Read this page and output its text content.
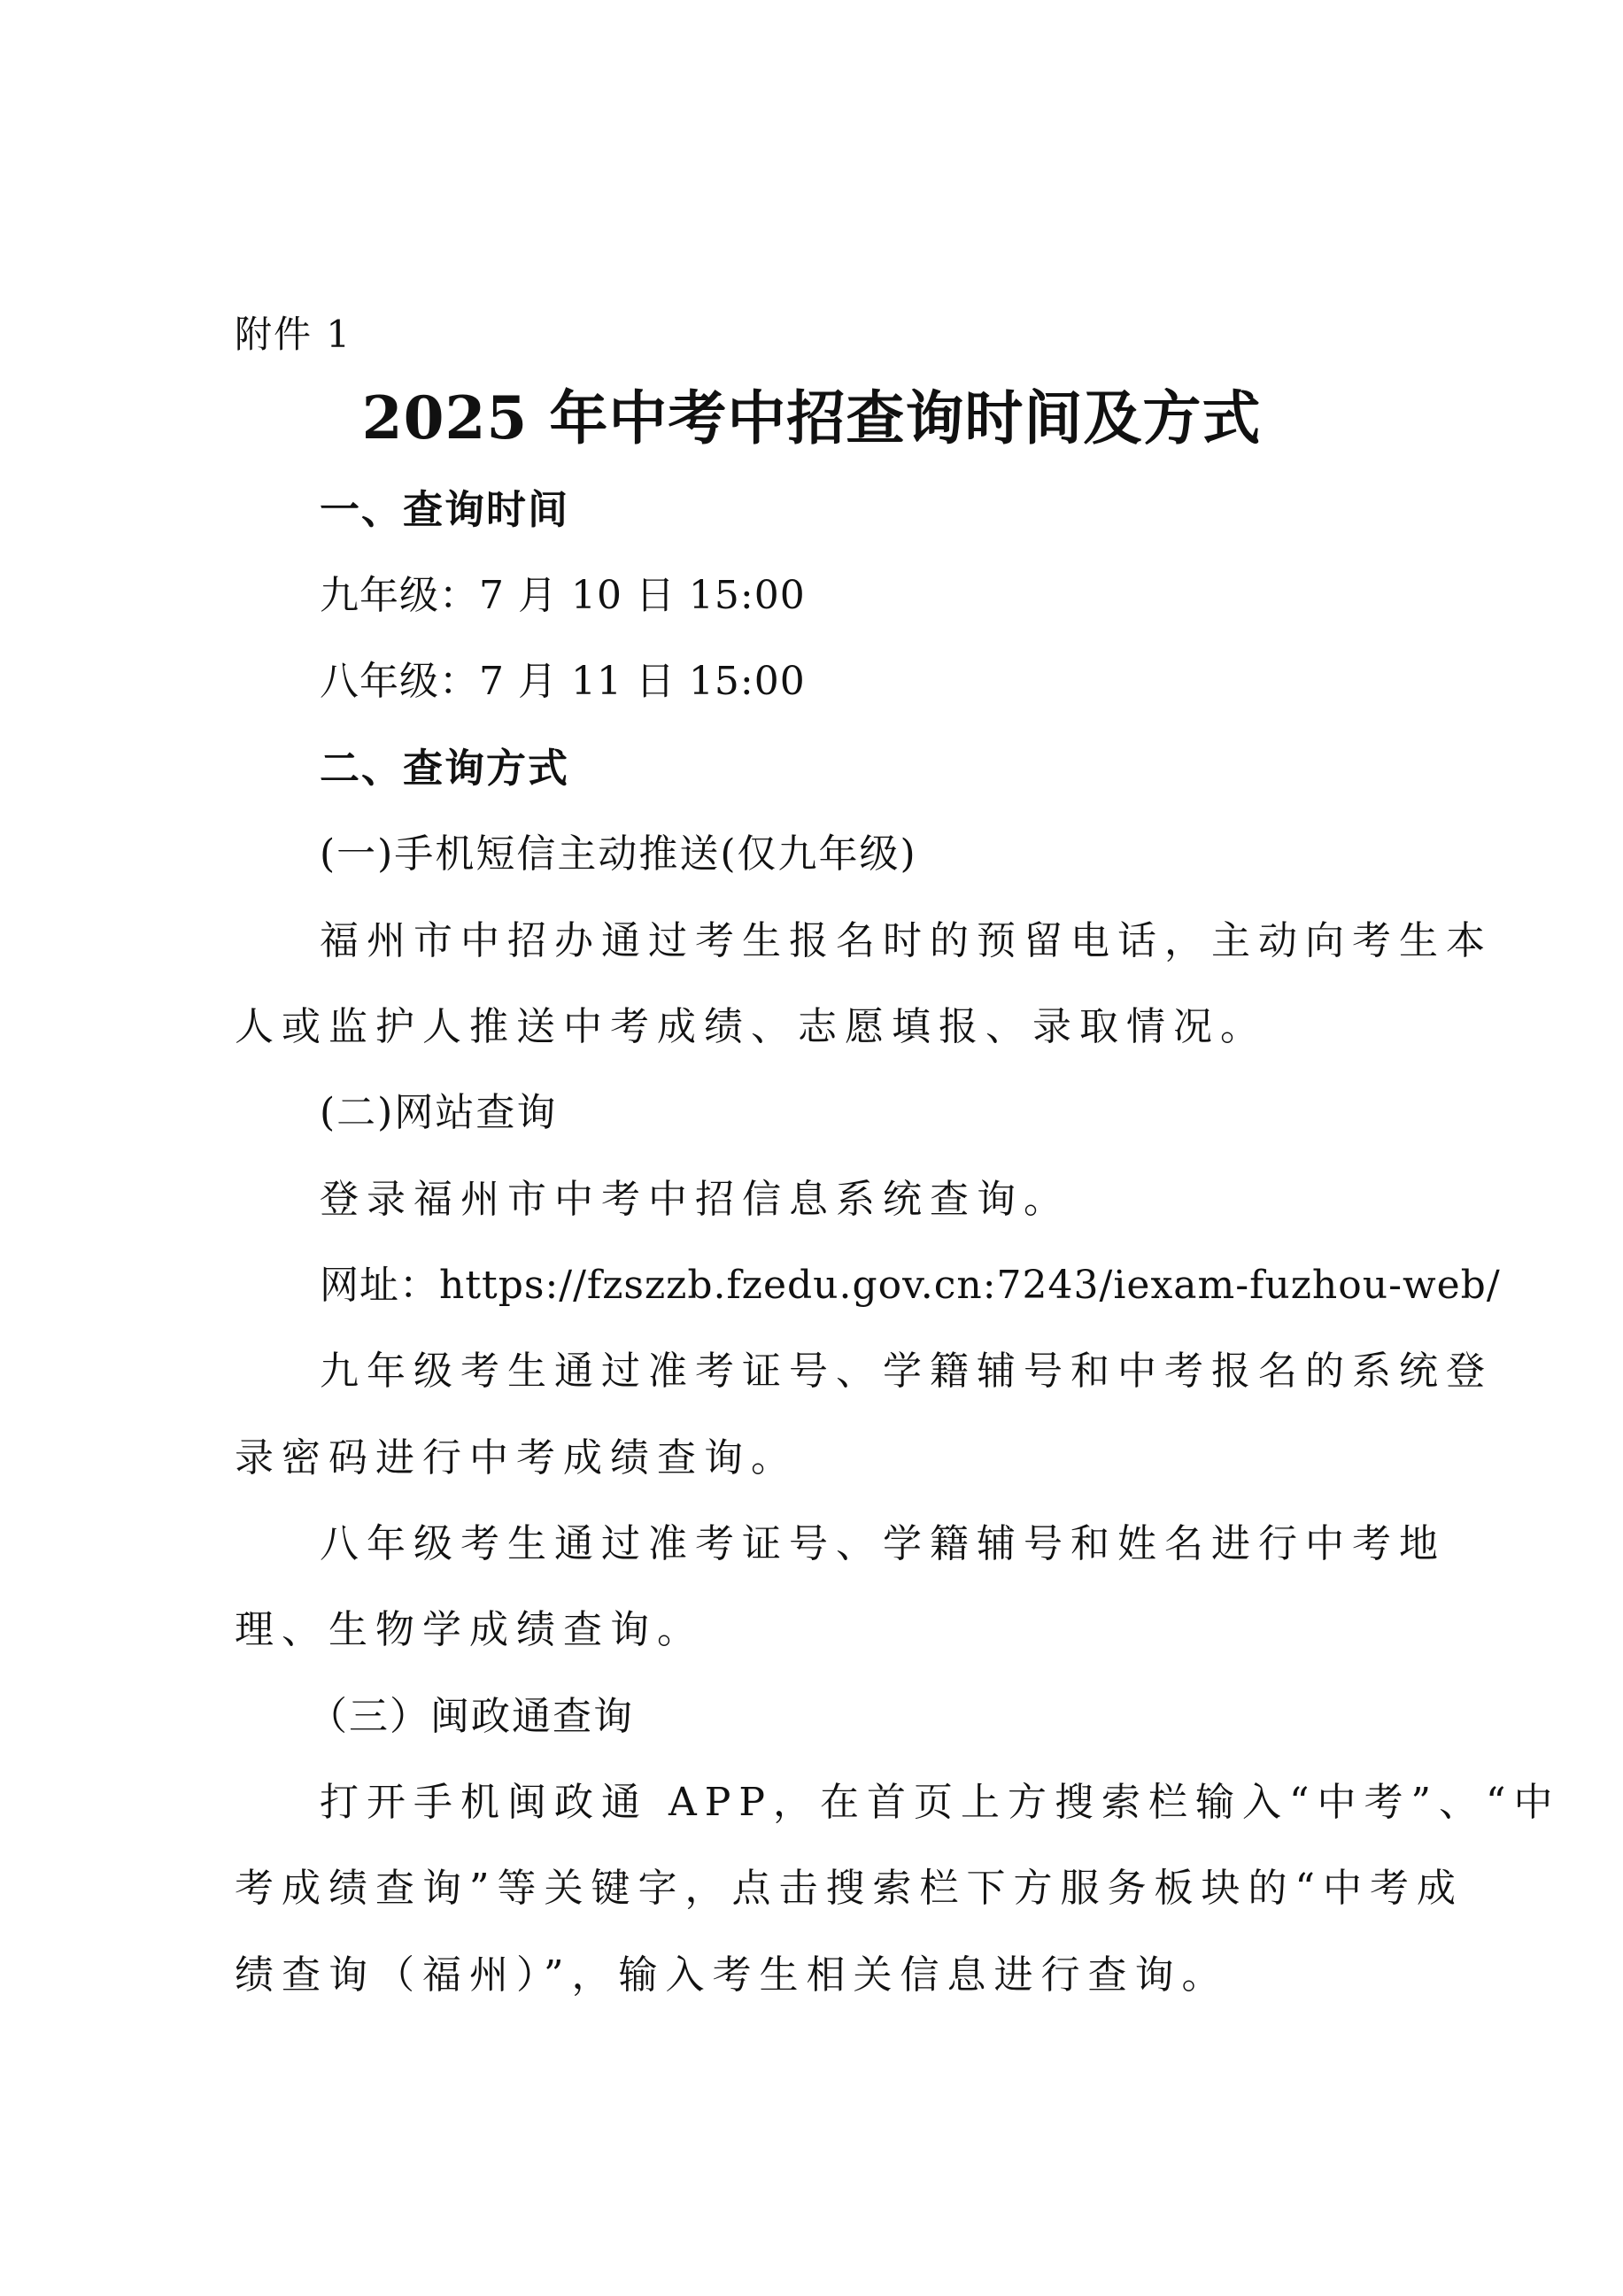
附件 1
2025 年中考中招查询时间及方式
一、查询时间
九年级：7 月 10 日 15:00
八年级：7 月 11 日 15:00
二、查询方式
(一)手机短信主动推送(仅九年级)
福州市中招办通过考生报名时的预留电话，主动向考生本
人或监护人推送中考成绩、志愿填报、录取情况。
(二)网站查询
登录福州市中考中招信息系统查询。
网址：https://fzszzb.fzedu.gov.cn:7243/iexam-fuzhou-web/
九年级考生通过准考证号、学籍辅号和中考报名的系统登
录密码进行中考成绩查询。
八年级考生通过准考证号、学籍辅号和姓名进行中考地
理、生物学成绩查询。
（三）闽政通查询
打开手机闽政通 APP，在首页上方搜索栏输入“中考”、“中
考成绩查询”等关键字，点击搜索栏下方服务板块的“中考成
绩查询（福州）”，输入考生相关信息进行查询。
